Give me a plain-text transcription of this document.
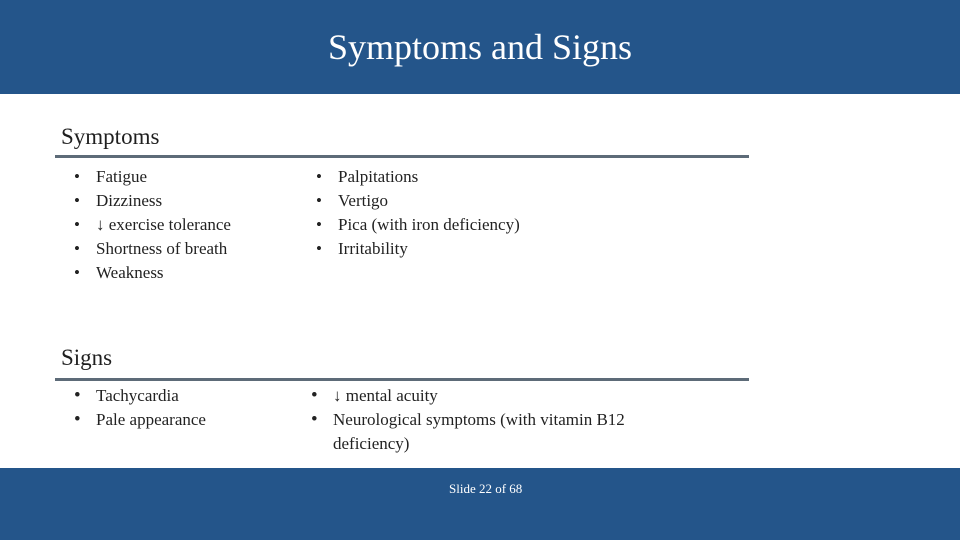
Symptoms and Signs
Symptoms
• Fatigue
• Dizziness
• ↓ exercise tolerance
• Shortness of breath
• Weakness
• Palpitations
• Vertigo
• Pica (with iron deficiency)
• Irritability
Signs
• Tachycardia
• Pale appearance
• ↓ mental acuity
• Neurological symptoms (with vitamin B12 deficiency)
Slide 22 of 68
